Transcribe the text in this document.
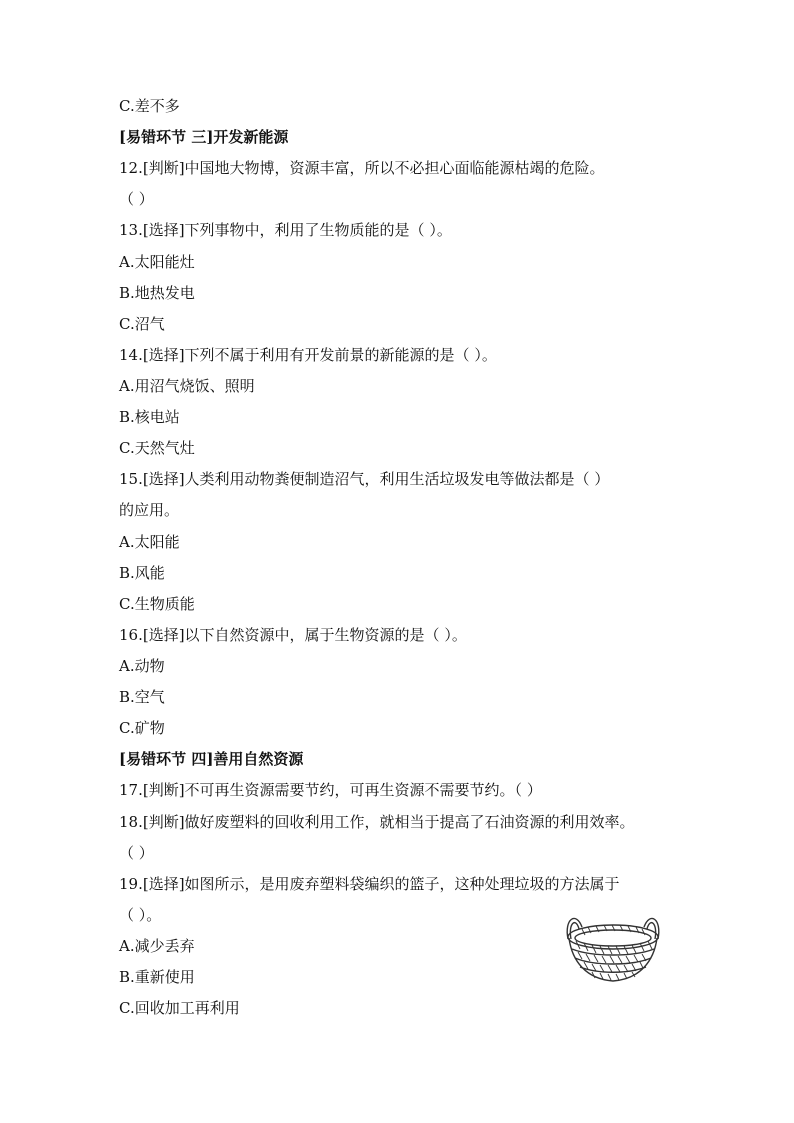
C.差不多
[易错环节 三]开发新能源
12.[判断]中国地大物博，资源丰富，所以不必担心面临能源枯竭的危险。
（ ）
13.[选择]下列事物中，利用了生物质能的是（ ）。
A.太阳能灶
B.地热发电
C.沼气
14.[选择]下列不属于利用有开发前景的新能源的是（ ）。
A.用沼气烧饭、照明
B.核电站
C.天然气灶
15.[选择]人类利用动物粪便制造沼气，利用生活垃圾发电等做法都是（ ）
的应用。
A.太阳能
B.风能
C.生物质能
16.[选择]以下自然资源中，属于生物资源的是（ ）。
A.动物
B.空气
C.矿物
[易错环节 四]善用自然资源
17.[判断]不可再生资源需要节约，可再生资源不需要节约。（ ）
18.[判断]做好废塑料的回收利用工作，就相当于提高了石油资源的利用效率。
（ ）
19.[选择]如图所示，是用废弃塑料袋编织的篮子，这种处理垃圾的方法属于
（ ）。
A.减少丢弃
B.重新使用
C.回收加工再利用
